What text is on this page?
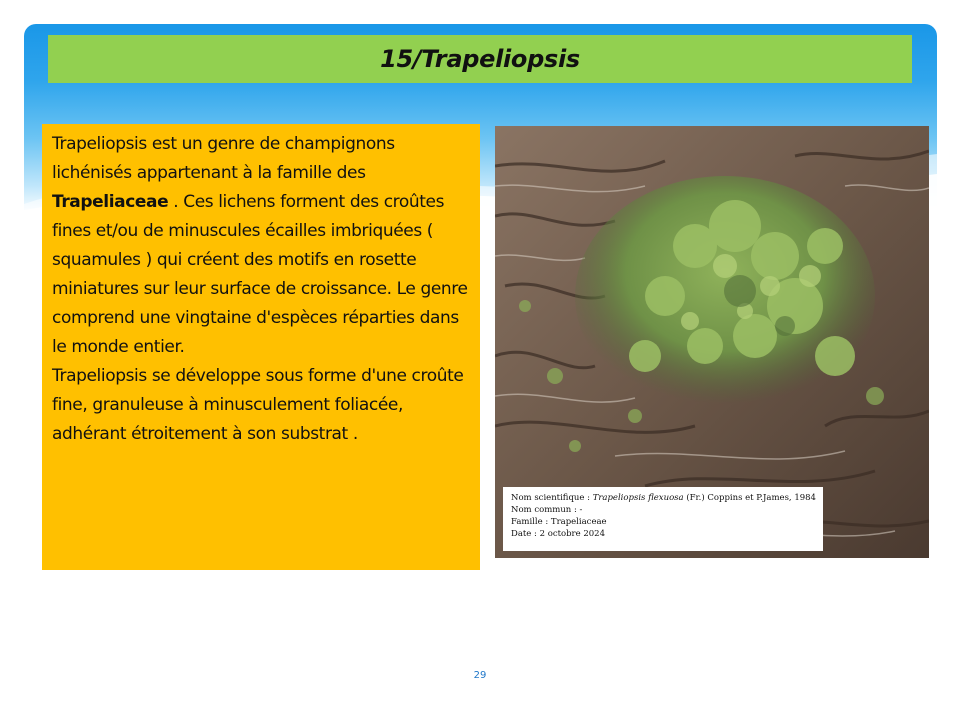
15/Trapeliopsis

Trapeliopsis est un genre de champignons lichénisés appartenant à la famille des Trapeliaceae . Ces lichens forment des croûtes fines et/ou de minuscules écailles imbriquées ( squamules ) qui créent des motifs en rosette miniatures sur leur surface de croissance. Le genre comprend une vingtaine d'espèces réparties dans le monde entier.

Trapeliopsis se développe sous forme d'une croûte fine, granuleuse à minusculement foliacée, adhérant étroitement à son substrat .

Nom scientifique : Trapeliopsis flexuosa (Fr.) Coppins et P.James, 1984
Nom commun : -
Famille : Trapeliaceae
Date : 2 octobre 2024
29
